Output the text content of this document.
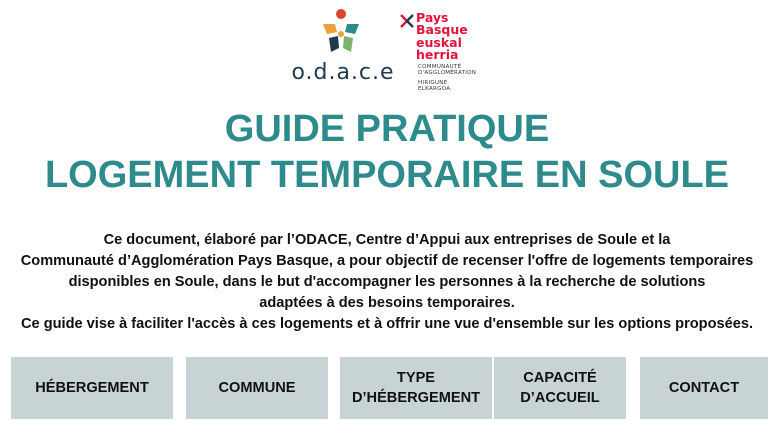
o.d.a.c.e
Pays
Basque
euskal
herria
COMMUNAUTÉ
D'AGGLOMÉRATION
HIRIGUNE
ELKARGOA
GUIDE PRATIQUE
LOGEMENT TEMPORAIRE EN SOULE
Ce document, élaboré par l’ODACE, Centre d’Appui aux entreprises de Soule et la
Communauté d’Agglomération Pays Basque, a pour objectif de recenser l'offre de logements temporaires
disponibles en Soule, dans le but d'accompagner les personnes à la recherche de solutions
adaptées à des besoins temporaires.
Ce guide vise à faciliter l'accès à ces logements et à offrir une vue d'ensemble sur les options proposées.
HÉBERGEMENT	COMMUNE
TYPE
D’HÉBERGEMENT
CAPACITÉ
D’ACCUEIL
CONTACT
